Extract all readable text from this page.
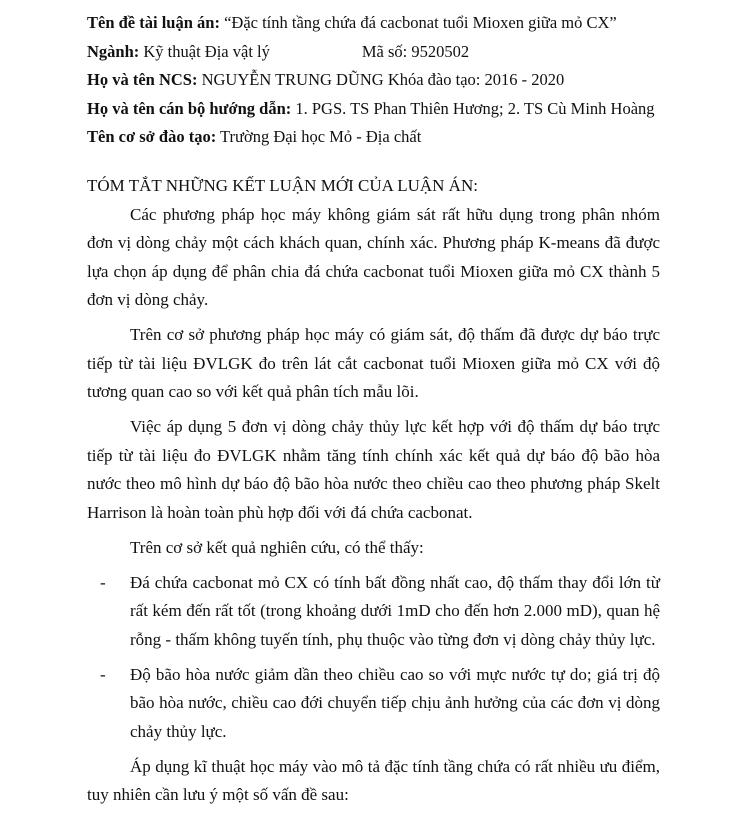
Tên đề tài luận án: “Đặc tính tầng chứa đá cacbonat tuổi Mioxen giữa mỏ CX”
Ngành: Kỹ thuật Địa vật lý	Mã số: 9520502
Họ và tên NCS: NGUYỄN TRUNG DŨNG Khóa đào tạo: 2016 - 2020
Họ và tên cán bộ hướng dẫn: 1. PGS. TS Phan Thiên Hương; 2. TS Cù Minh Hoàng
Tên cơ sở đào tạo: Trường Đại học Mỏ - Địa chất
TÓM TẮT NHỮNG KẾT LUẬN MỚI CỦA LUẬN ÁN:

Các phương pháp học máy không giám sát rất hữu dụng trong phân nhóm đơn vị dòng chảy một cách khách quan, chính xác. Phương pháp K-means đã được lựa chọn áp dụng để phân chia đá chứa cacbonat tuổi Mioxen giữa mỏ CX thành 5 đơn vị dòng chảy.

Trên cơ sở phương pháp học máy có giám sát, độ thấm đã được dự báo trực tiếp từ tài liệu ĐVLGK đo trên lát cắt cacbonat tuổi Mioxen giữa mỏ CX với độ tương quan cao so với kết quả phân tích mẫu lõi.

Việc áp dụng 5 đơn vị dòng chảy thủy lực kết hợp với độ thấm dự báo trực tiếp từ tài liệu đo ĐVLGK nhằm tăng tính chính xác kết quả dự báo độ bão hòa nước theo mô hình dự báo độ bão hòa nước theo chiều cao theo phương pháp Skelt Harrison là hoàn toàn phù hợp đối với đá chứa cacbonat.

Trên cơ sở kết quả nghiên cứu, có thể thấy:

- Đá chứa cacbonat mỏ CX có tính bất đồng nhất cao, độ thấm thay đổi lớn từ rất kém đến rất tốt (trong khoảng dưới 1mD cho đến hơn 2.000 mD), quan hệ rỗng - thấm không tuyến tính, phụ thuộc vào từng đơn vị dòng chảy thủy lực.
- Độ bão hòa nước giảm dần theo chiều cao so với mực nước tự do; giá trị độ bão hòa nước, chiều cao đới chuyển tiếp chịu ảnh hưởng của các đơn vị dòng chảy thủy lực.

Áp dụng kĩ thuật học máy vào mô tả đặc tính tầng chứa có rất nhiều ưu điểm, tuy nhiên cần lưu ý một số vấn đề sau:
